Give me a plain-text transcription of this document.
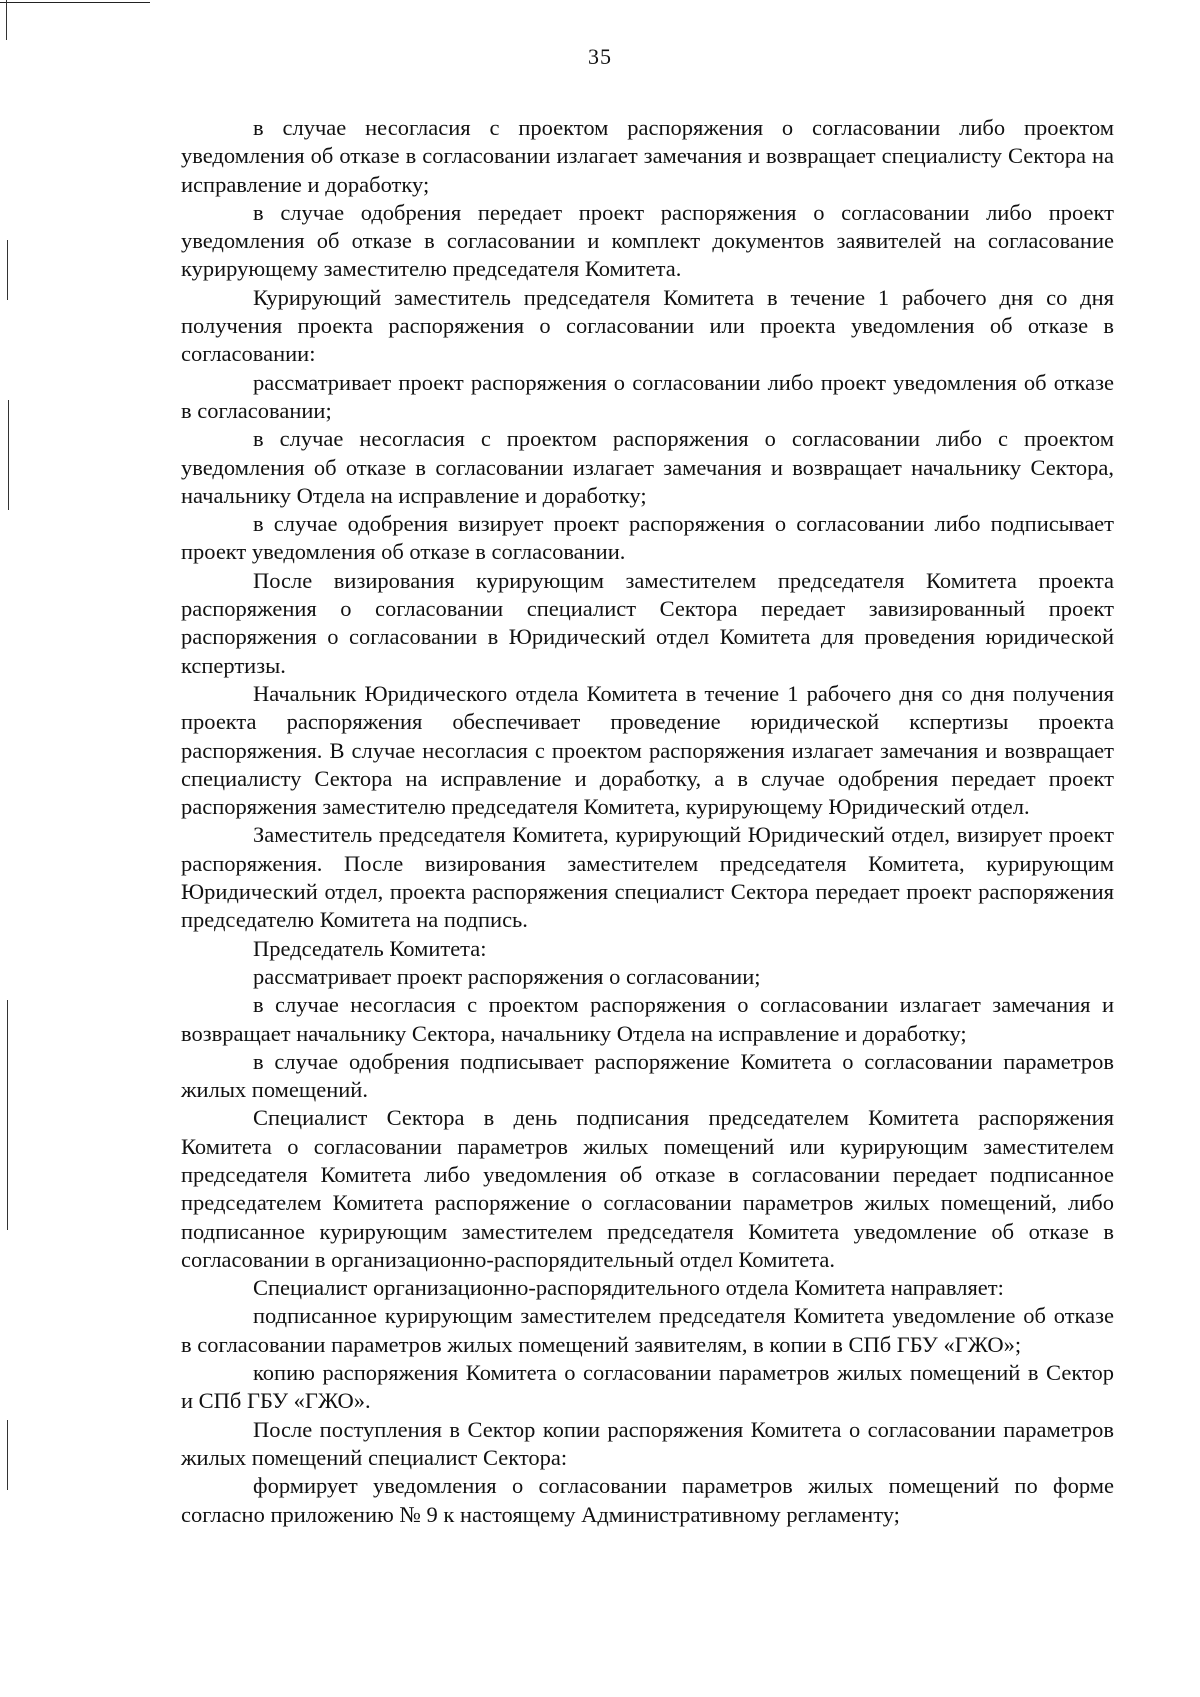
35

в случае несогласия с проектом распоряжения о согласовании либо проектом уведомления об отказе в согласовании излагает замечания и возвращает специалисту Сектора на исправление и доработку;

в случае одобрения передает проект распоряжения о согласовании либо проект уведомления об отказе в согласовании и комплект документов заявителей на согласование курирующему заместителю председателя Комитета.

Курирующий заместитель председателя Комитета в течение 1 рабочего дня со дня получения проекта распоряжения о согласовании или проекта уведомления об отказе в согласовании:

рассматривает проект распоряжения о согласовании либо проект уведомления об отказе в согласовании;

в случае несогласия с проектом распоряжения о согласовании либо с проектом уведомления об отказе в согласовании излагает замечания и возвращает начальнику Сектора, начальнику Отдела на исправление и доработку;

в случае одобрения визирует проект распоряжения о согласовании либо подписывает проект уведомления об отказе в согласовании.

После визирования курирующим заместителем председателя Комитета проекта распоряжения о согласовании специалист Сектора передает завизированный проект распоряжения о согласовании в Юридический отдел Комитета для проведения юридической кспертизы.

Начальник Юридического отдела Комитета в течение 1 рабочего дня со дня получения проекта распоряжения обеспечивает проведение юридической кспертизы проекта распоряжения. В случае несогласия с проектом распоряжения излагает замечания и возвращает специалисту Сектора на исправление и доработку, а в случае одобрения передает проект распоряжения заместителю председателя Комитета, курирующему Юридический отдел.

Заместитель председателя Комитета, курирующий Юридический отдел, визирует проект распоряжения. После визирования заместителем председателя Комитета, курирующим Юридический отдел, проекта распоряжения специалист Сектора передает проект распоряжения председателю Комитета на подпись.

Председатель Комитета:

рассматривает проект распоряжения о согласовании;

в случае несогласия с проектом распоряжения о согласовании излагает замечания и возвращает начальнику Сектора, начальнику Отдела на исправление и доработку;

в случае одобрения подписывает распоряжение Комитета о согласовании параметров жилых помещений.

Специалист Сектора в день подписания председателем Комитета распоряжения Комитета о согласовании параметров жилых помещений или курирующим заместителем председателя Комитета либо уведомления об отказе в согласовании передает подписанное председателем Комитета распоряжение о согласовании параметров жилых помещений, либо подписанное курирующим заместителем председателя Комитета уведомление об отказе в согласовании в организационно-распорядительный отдел Комитета.

Специалист организационно-распорядительного отдела Комитета направляет:

подписанное курирующим заместителем председателя Комитета уведомление об отказе в согласовании параметров жилых помещений заявителям, в копии в СПб ГБУ «ГЖО»;

копию распоряжения Комитета о согласовании параметров жилых помещений в Сектор и СПб ГБУ «ГЖО».

После поступления в Сектор копии распоряжения Комитета о согласовании параметров жилых помещений специалист Сектора:

формирует уведомления о согласовании параметров жилых помещений по форме согласно приложению № 9 к настоящему Административному регламенту;
